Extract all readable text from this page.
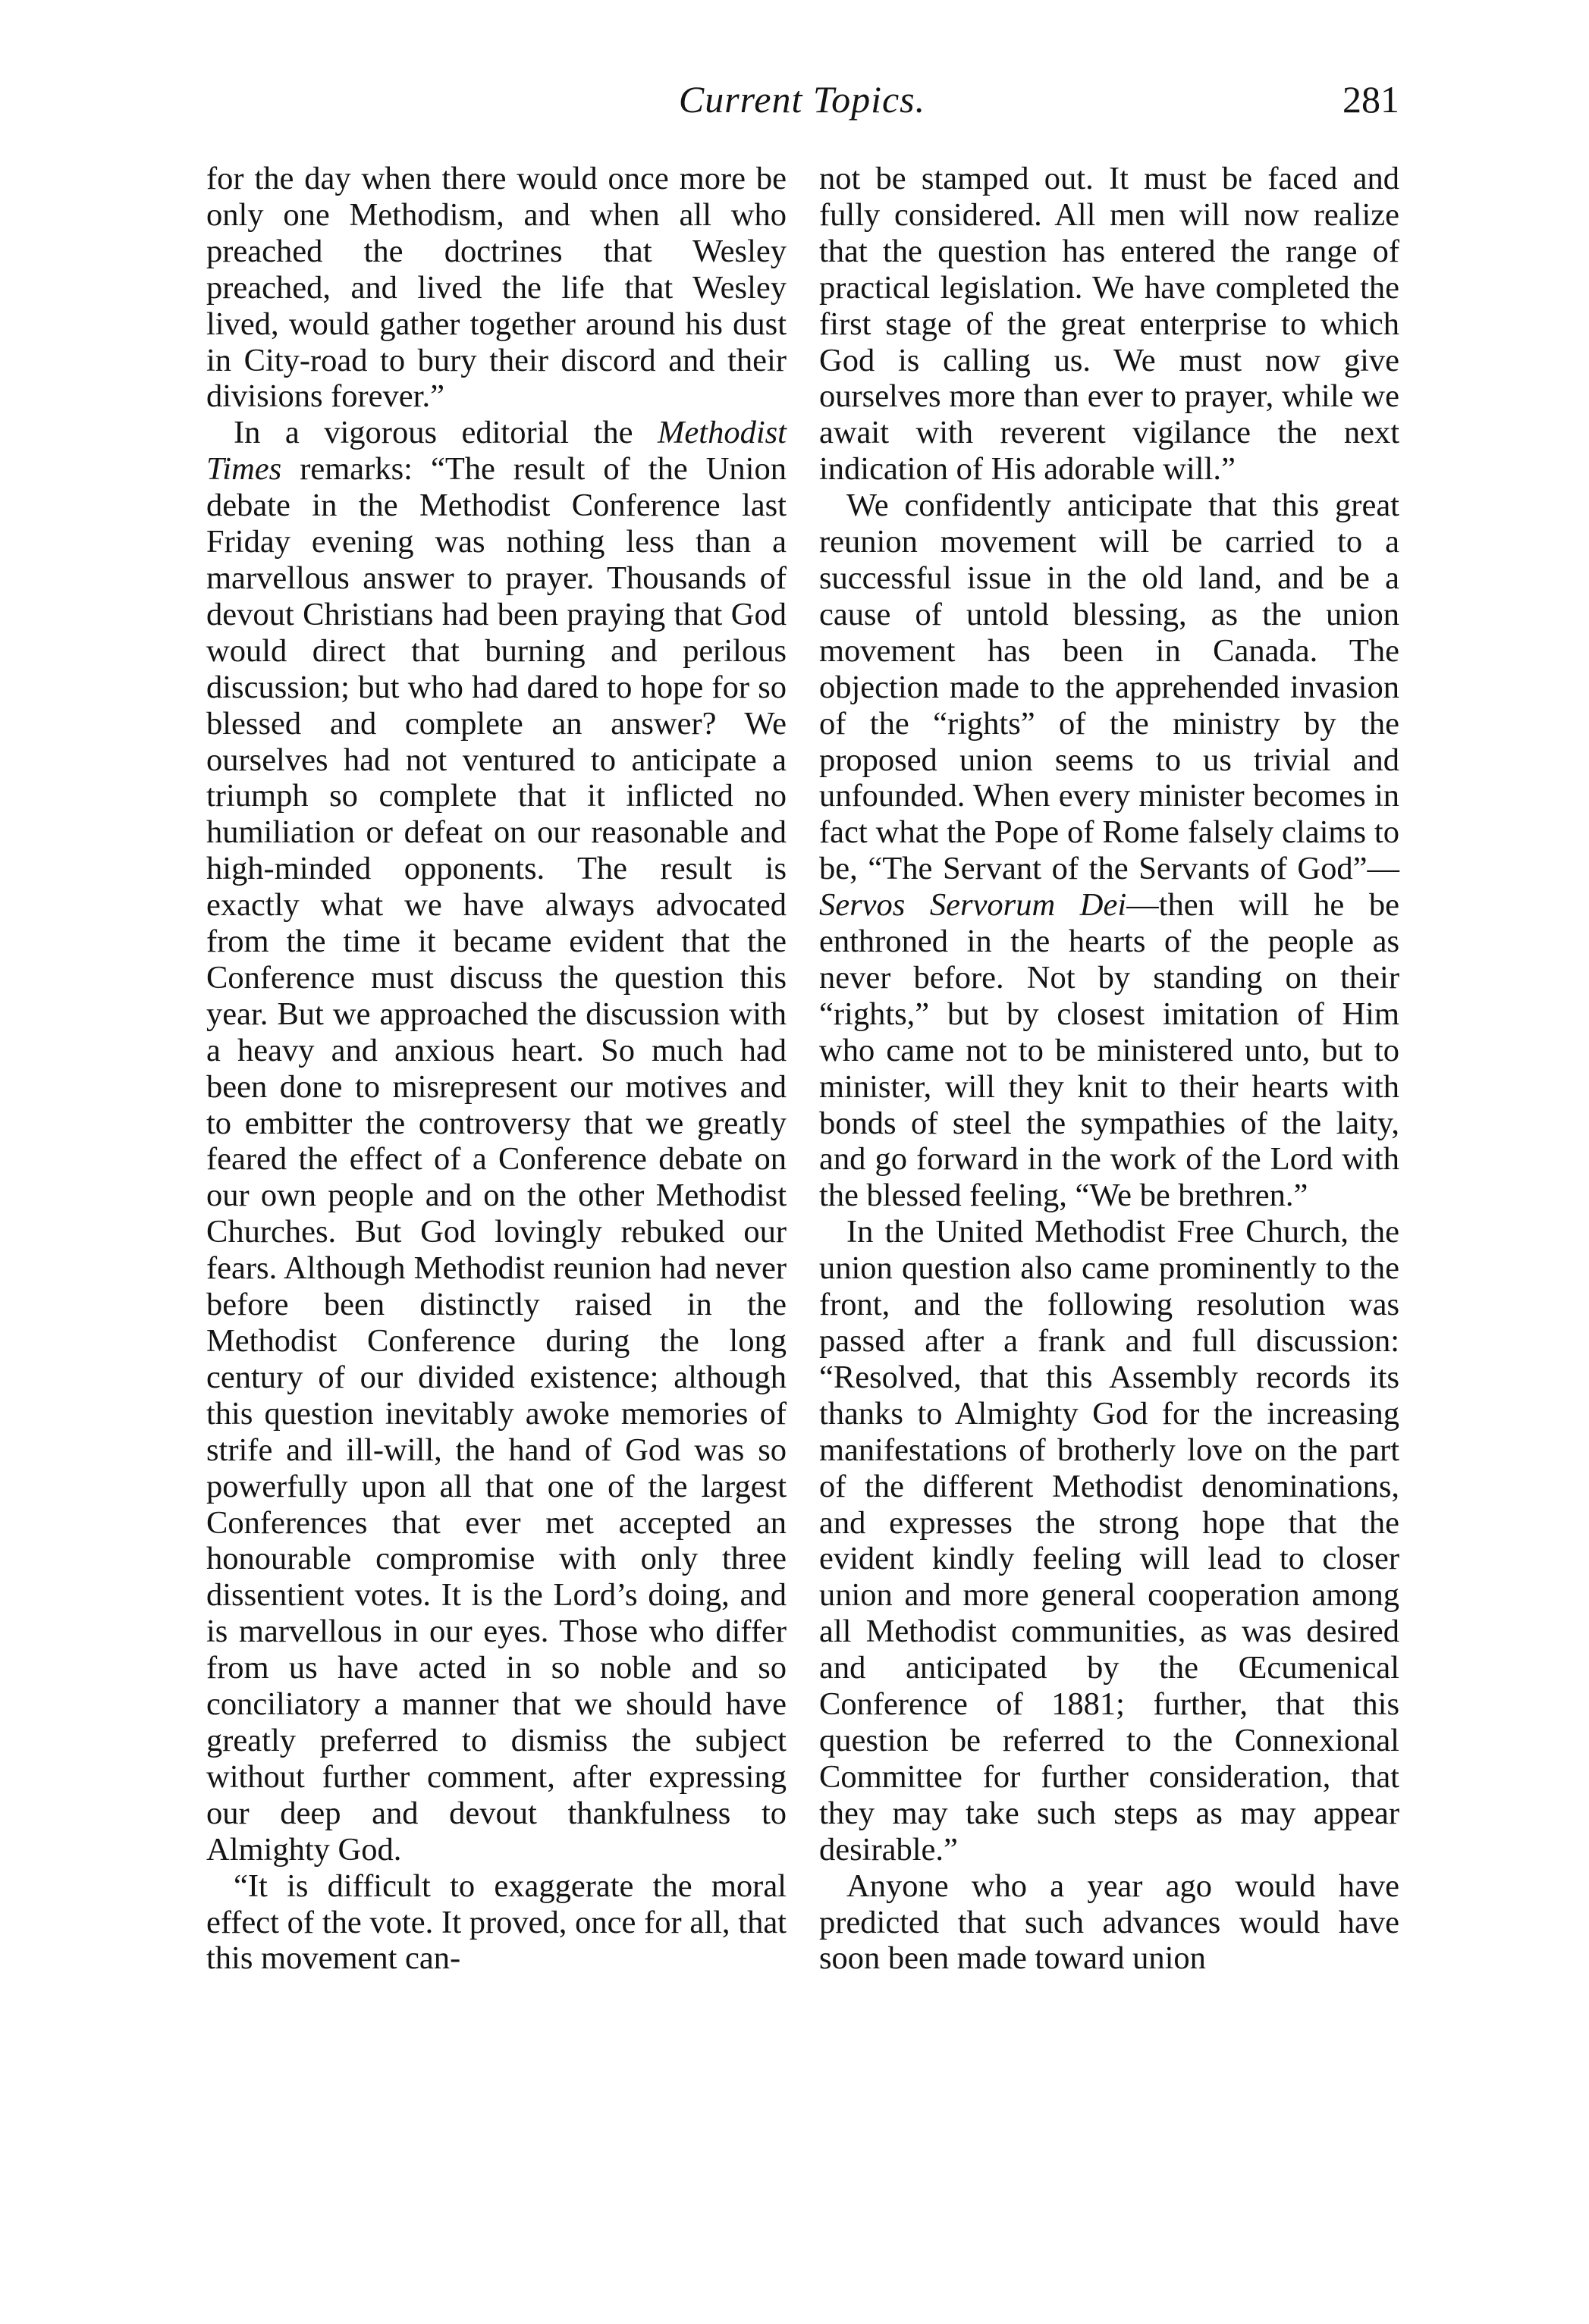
Current Topics.	281

for the day when there would once more be only one Methodism, and when all who preached the doctrines that Wesley preached, and lived the life that Wesley lived, would gather together around his dust in City-road to bury their discord and their divisions forever.”

In a vigorous editorial the Methodist Times remarks: “The result of the Union debate in the Methodist Conference last Friday evening was nothing less than a marvellous answer to prayer. Thousands of devout Christians had been praying that God would direct that burning and perilous discussion; but who had dared to hope for so blessed and complete an answer? We ourselves had not ventured to anticipate a triumph so complete that it inflicted no humiliation or defeat on our reasonable and high-minded opponents. The result is exactly what we have always advocated from the time it became evident that the Conference must discuss the question this year. But we approached the discussion with a heavy and anxious heart. So much had been done to misrepresent our motives and to embitter the controversy that we greatly feared the effect of a Conference debate on our own people and on the other Methodist Churches. But God lovingly rebuked our fears. Although Methodist reunion had never before been distinctly raised in the Methodist Conference during the long century of our divided existence; although this question inevitably awoke memories of strife and ill-will, the hand of God was so powerfully upon all that one of the largest Conferences that ever met accepted an honourable compromise with only three dissentient votes. It is the Lord’s doing, and is marvellous in our eyes. Those who differ from us have acted in so noble and so conciliatory a manner that we should have greatly preferred to dismiss the subject without further comment, after expressing our deep and devout thankfulness to Almighty God.

“It is difficult to exaggerate the moral effect of the vote. It proved, once for all, that this movement can-

not be stamped out. It must be faced and fully considered. All men will now realize that the question has entered the range of practical legislation. We have completed the first stage of the great enterprise to which God is calling us. We must now give ourselves more than ever to prayer, while we await with reverent vigilance the next indication of His adorable will.”

We confidently anticipate that this great reunion movement will be carried to a successful issue in the old land, and be a cause of untold blessing, as the union movement has been in Canada. The objection made to the apprehended invasion of the “rights” of the ministry by the proposed union seems to us trivial and unfounded. When every minister becomes in fact what the Pope of Rome falsely claims to be, “The Servant of the Servants of God”—Servos Servorum Dei—then will he be enthroned in the hearts of the people as never before. Not by standing on their “rights,” but by closest imitation of Him who came not to be ministered unto, but to minister, will they knit to their hearts with bonds of steel the sympathies of the laity, and go forward in the work of the Lord with the blessed feeling, “We be brethren.”

In the United Methodist Free Church, the union question also came prominently to the front, and the following resolution was passed after a frank and full discussion: “Resolved, that this Assembly records its thanks to Almighty God for the increasing manifestations of brotherly love on the part of the different Methodist denominations, and expresses the strong hope that the evident kindly feeling will lead to closer union and more general cooperation among all Methodist communities, as was desired and anticipated by the Œcumenical Conference of 1881; further, that this question be referred to the Connexional Committee for further consideration, that they may take such steps as may appear desirable.”

Anyone who a year ago would have predicted that such advances would have soon been made toward union
